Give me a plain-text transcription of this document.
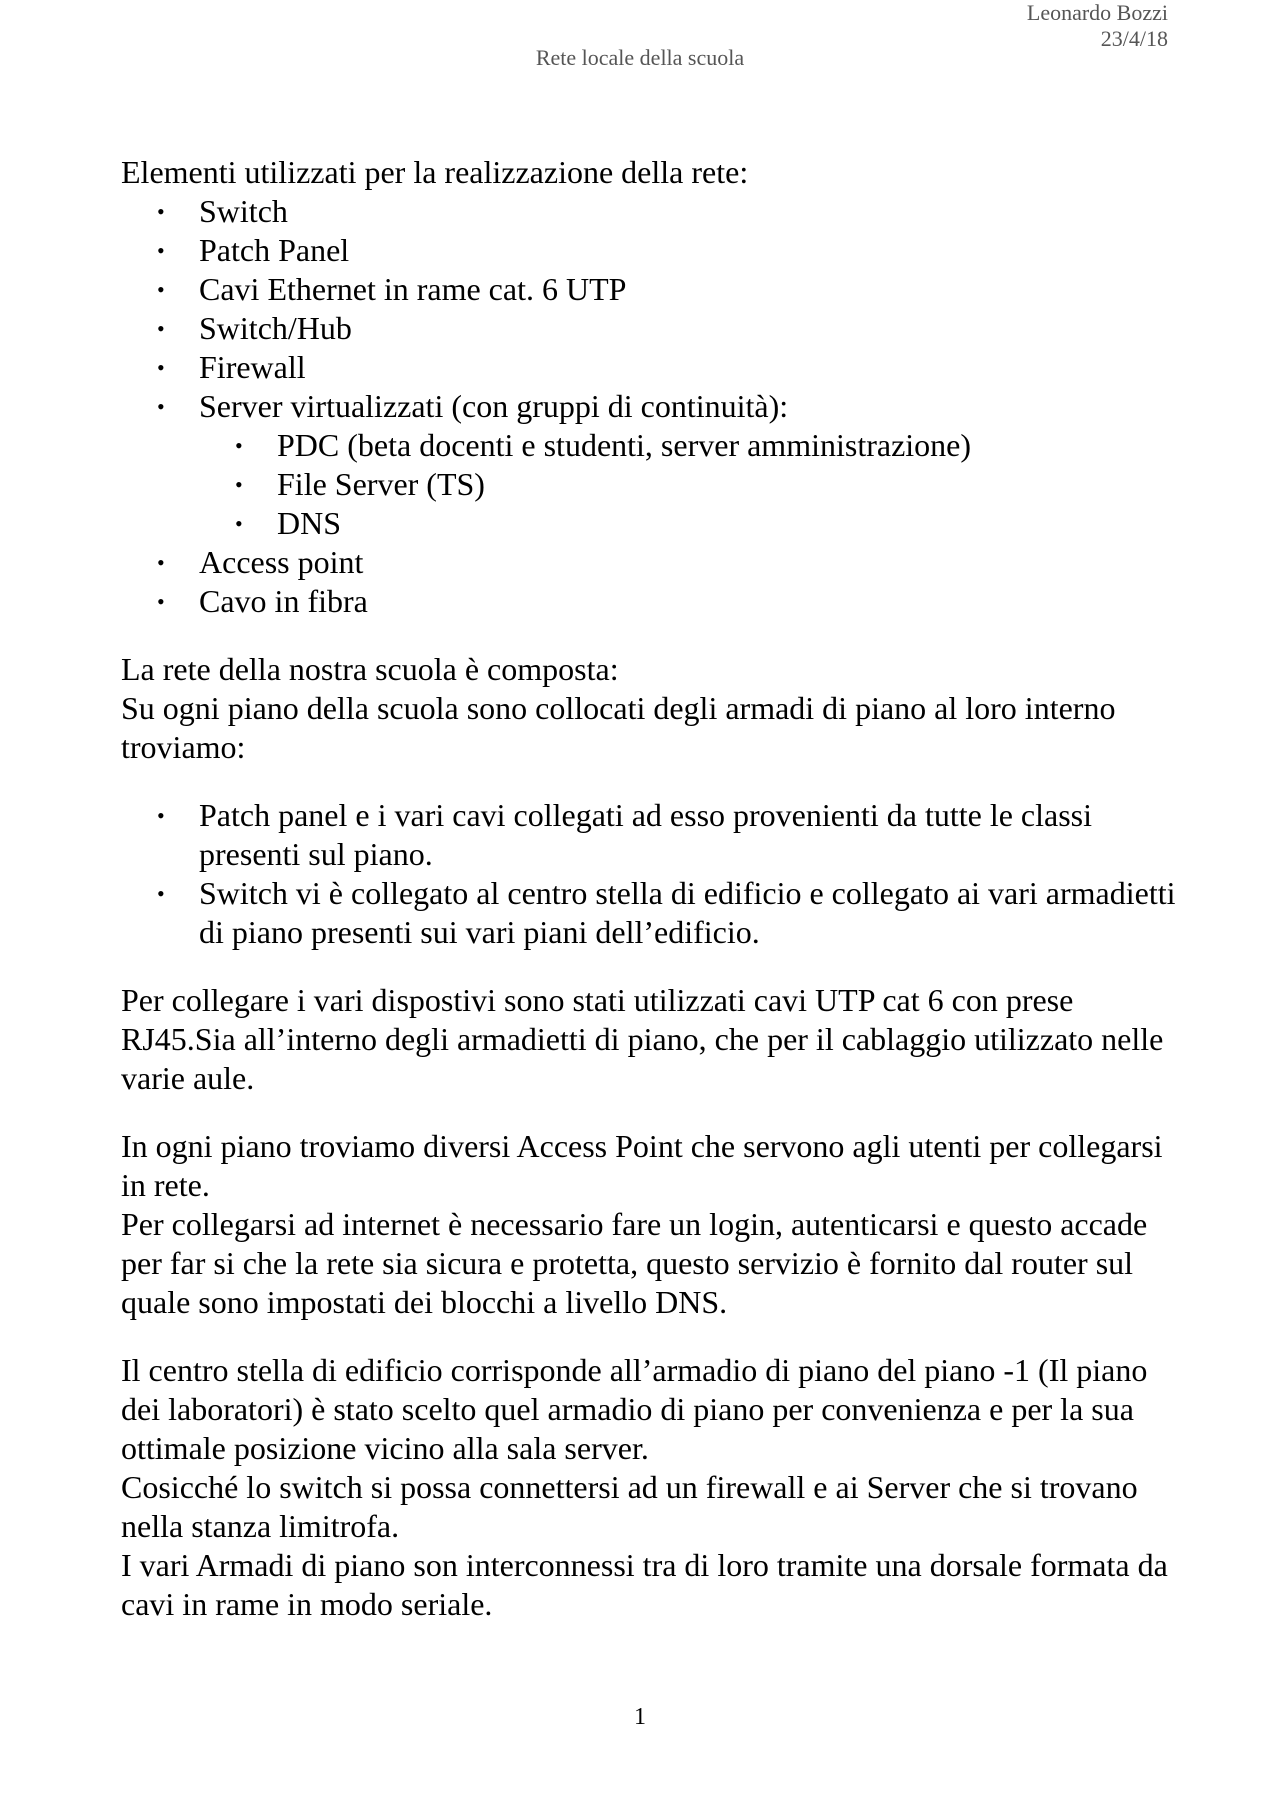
Leonardo Bozzi
23/4/18
Rete locale della scuola

Elementi utilizzati per la realizzazione della rete:

• Switch
• Patch Panel
• Cavi Ethernet in rame cat. 6 UTP
• Switch/Hub
• Firewall
• Server virtualizzati (con gruppi di continuità):
• PDC (beta docenti e studenti, server amministrazione)
• File Server (TS)
• DNS
• Access point
• Cavo in fibra

La rete della nostra scuola è composta:

Su ogni piano della scuola sono collocati degli armadi di piano al loro interno troviamo:

• Patch panel e i vari cavi collegati ad esso provenienti da tutte le classi presenti sul piano.
• Switch vi è collegato al centro stella di edificio e collegato ai vari armadietti di piano presenti sui vari piani dell’edificio.

Per collegare i vari dispostivi sono stati utilizzati cavi UTP cat 6 con prese RJ45.Sia all’interno degli armadietti di piano, che per il cablaggio utilizzato nelle varie aule.

In ogni piano troviamo diversi Access Point che servono agli utenti per collegarsi in rete.

Per collegarsi ad internet è necessario fare un login, autenticarsi e questo accade per far si che la rete sia sicura e protetta, questo servizio è fornito dal router sul quale sono impostati dei blocchi a livello DNS.

Il centro stella di edificio corrisponde all’armadio di piano del piano -1 (Il piano dei laboratori) è stato scelto quel armadio di piano per convenienza e per la sua ottimale posizione vicino alla sala server.

Cosicché lo switch si possa connettersi ad un firewall e ai Server che si trovano nella stanza limitrofa.

I vari Armadi di piano son interconnessi tra di loro tramite una dorsale formata da cavi in rame in modo seriale.

1
